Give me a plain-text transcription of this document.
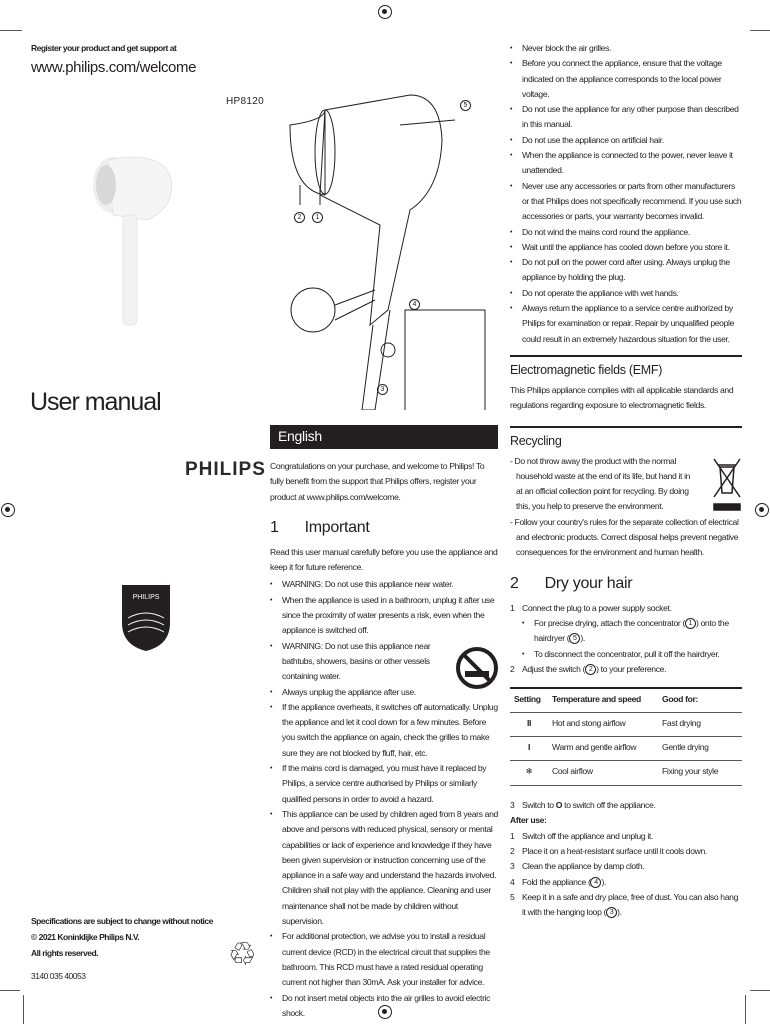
Register your product and get support at
www.philips.com/welcome
HP8120	5
2	1
4
3
User manual
PHILIPS
PHILIPS
Specifications are subject to change without notice
© 2021 Koninklijke Philips N.V.
All rights reserved.
3140 035 40053
♲
English

Congratulations on your purchase, and welcome to Philips! To fully benefit from the support that Philips offers, register your product at www.philips.com/welcome.

1 Important

Read this user manual carefully before you use the appliance and keep it for future reference.

• WARNING: Do not use this appliance near water.
• When the appliance is used in a bathroom, unplug it after use since the proximity of water presents a risk, even when the appliance is switched off.
• WARNING: Do not use this appliance near bathtubs, showers, basins or other vessels containing water.
• Always unplug the appliance after use.
• If the appliance overheats, it switches off automatically. Unplug the appliance and let it cool down for a few minutes. Before you switch the appliance on again, check the grilles to make sure they are not blocked by fluff, hair, etc.
• If the mains cord is damaged, you must have it replaced by Philips, a service centre authorised by Philips or similarly qualified persons in order to avoid a hazard.
• This appliance can be used by children aged from 8 years and above and persons with reduced physical, sensory or mental capabilities or lack of experience and knowledge if they have been given supervision or instruction concerning use of the appliance in a safe way and understand the hazards involved. Children shall not play with the appliance. Cleaning and user maintenance shall not be made by children without supervision.
• For additional protection, we advise you to install a residual current device (RCD) in the electrical circuit that supplies the bathroom. This RCD must have a rated residual operating current not higher than 30mA. Ask your installer for advice.
• Do not insert metal objects into the air grilles to avoid electric shock.
• Never block the air grilles.
• Before you connect the appliance, ensure that the voltage indicated on the appliance corresponds to the local power voltage.
• Do not use the appliance for any other purpose than described in this manual.
• Do not use the appliance on artificial hair.
• When the appliance is connected to the power, never leave it unattended.
• Never use any accessories or parts from other manufacturers or that Philips does not specifically recommend. If you use such accessories or parts, your warranty becomes invalid.
• Do not wind the mains cord round the appliance.
• Wait until the appliance has cooled down before you store it.
• Do not pull on the power cord after using. Always unplug the appliance by holding the plug.
• Do not operate the appliance with wet hands.
• Always return the appliance to a service centre authorized by Philips for examination or repair. Repair by unqualified people could result in an extremely hazardous situation for the user.
Electromagnetic fields (EMF)

This Philips appliance complies with all applicable standards and regulations regarding exposure to electromagnetic fields.

Recycling

- Do not throw away the product with the normal household waste at the end of its life, but hand it in at an official collection point for recycling. By doing this, you help to preserve the environment.

- Follow your country's rules for the separate collection of electrical and electronic products. Correct disposal helps prevent negative consequences for the environment and human health.

2 Dry your hair
1 Connect the plug to a power supply socket.
• For precise drying, attach the concentrator ( 1 ) onto the hairdryer ( 5 ).
• To disconnect the concentrator, pull it off the hairdryer.
2 Adjust the switch ( 2 ) to your preference.
Setting	Temperature and speed	Good for:
II	Hot and stong airflow	Fast drying
I	Warm and gentle airflow	Gentle drying
❄	Cool airflow	Fixing your style
3 Switch to O to switch off the appliance.
After use:
1 Switch off the appliance and unplug it.
2 Place it on a heat-resistant surface until it cools down.
3 Clean the appliance by damp cloth.
4 Fold the appliance ( 4 ).
5 Keep it in a safe and dry place, free of dust. You can also hang it with the hanging loop ( 3 ).
